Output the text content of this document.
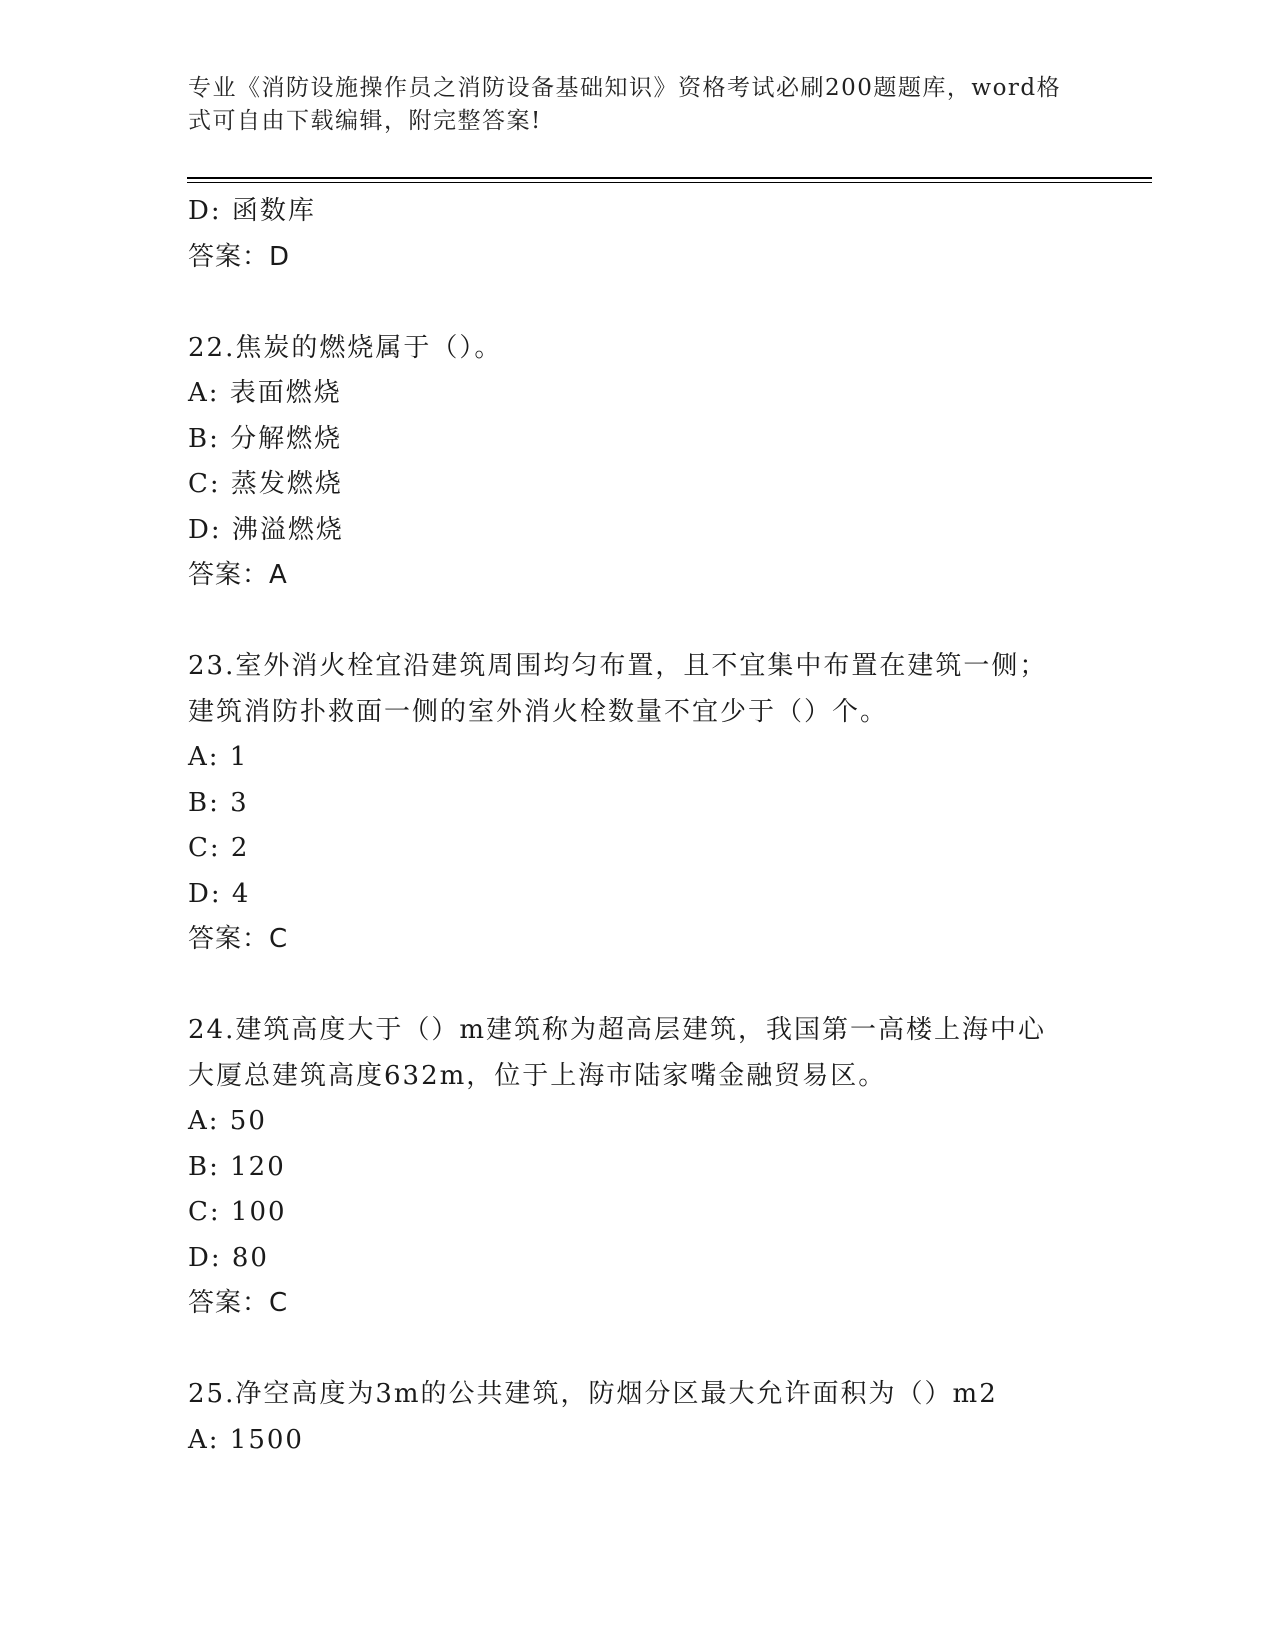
专业《消防设施操作员之消防设备基础知识》资格考试必刷200题题库，word格式可自由下载编辑，附完整答案!
D: 函数库
答案：D
22.焦炭的燃烧属于（）。
A: 表面燃烧
B: 分解燃烧
C: 蒸发燃烧
D: 沸溢燃烧
答案：A
23.室外消火栓宜沿建筑周围均匀布置，且不宜集中布置在建筑一侧；
建筑消防扑救面一侧的室外消火栓数量不宜少于（）个。
A: 1
B: 3
C: 2
D: 4
答案：C
24.建筑高度大于（）m建筑称为超高层建筑，我国第一高楼上海中心
大厦总建筑高度632m，位于上海市陆家嘴金融贸易区。
A: 50
B: 120
C: 100
D: 80
答案：C
25.净空高度为3m的公共建筑，防烟分区最大允许面积为（）m2
A: 1500
